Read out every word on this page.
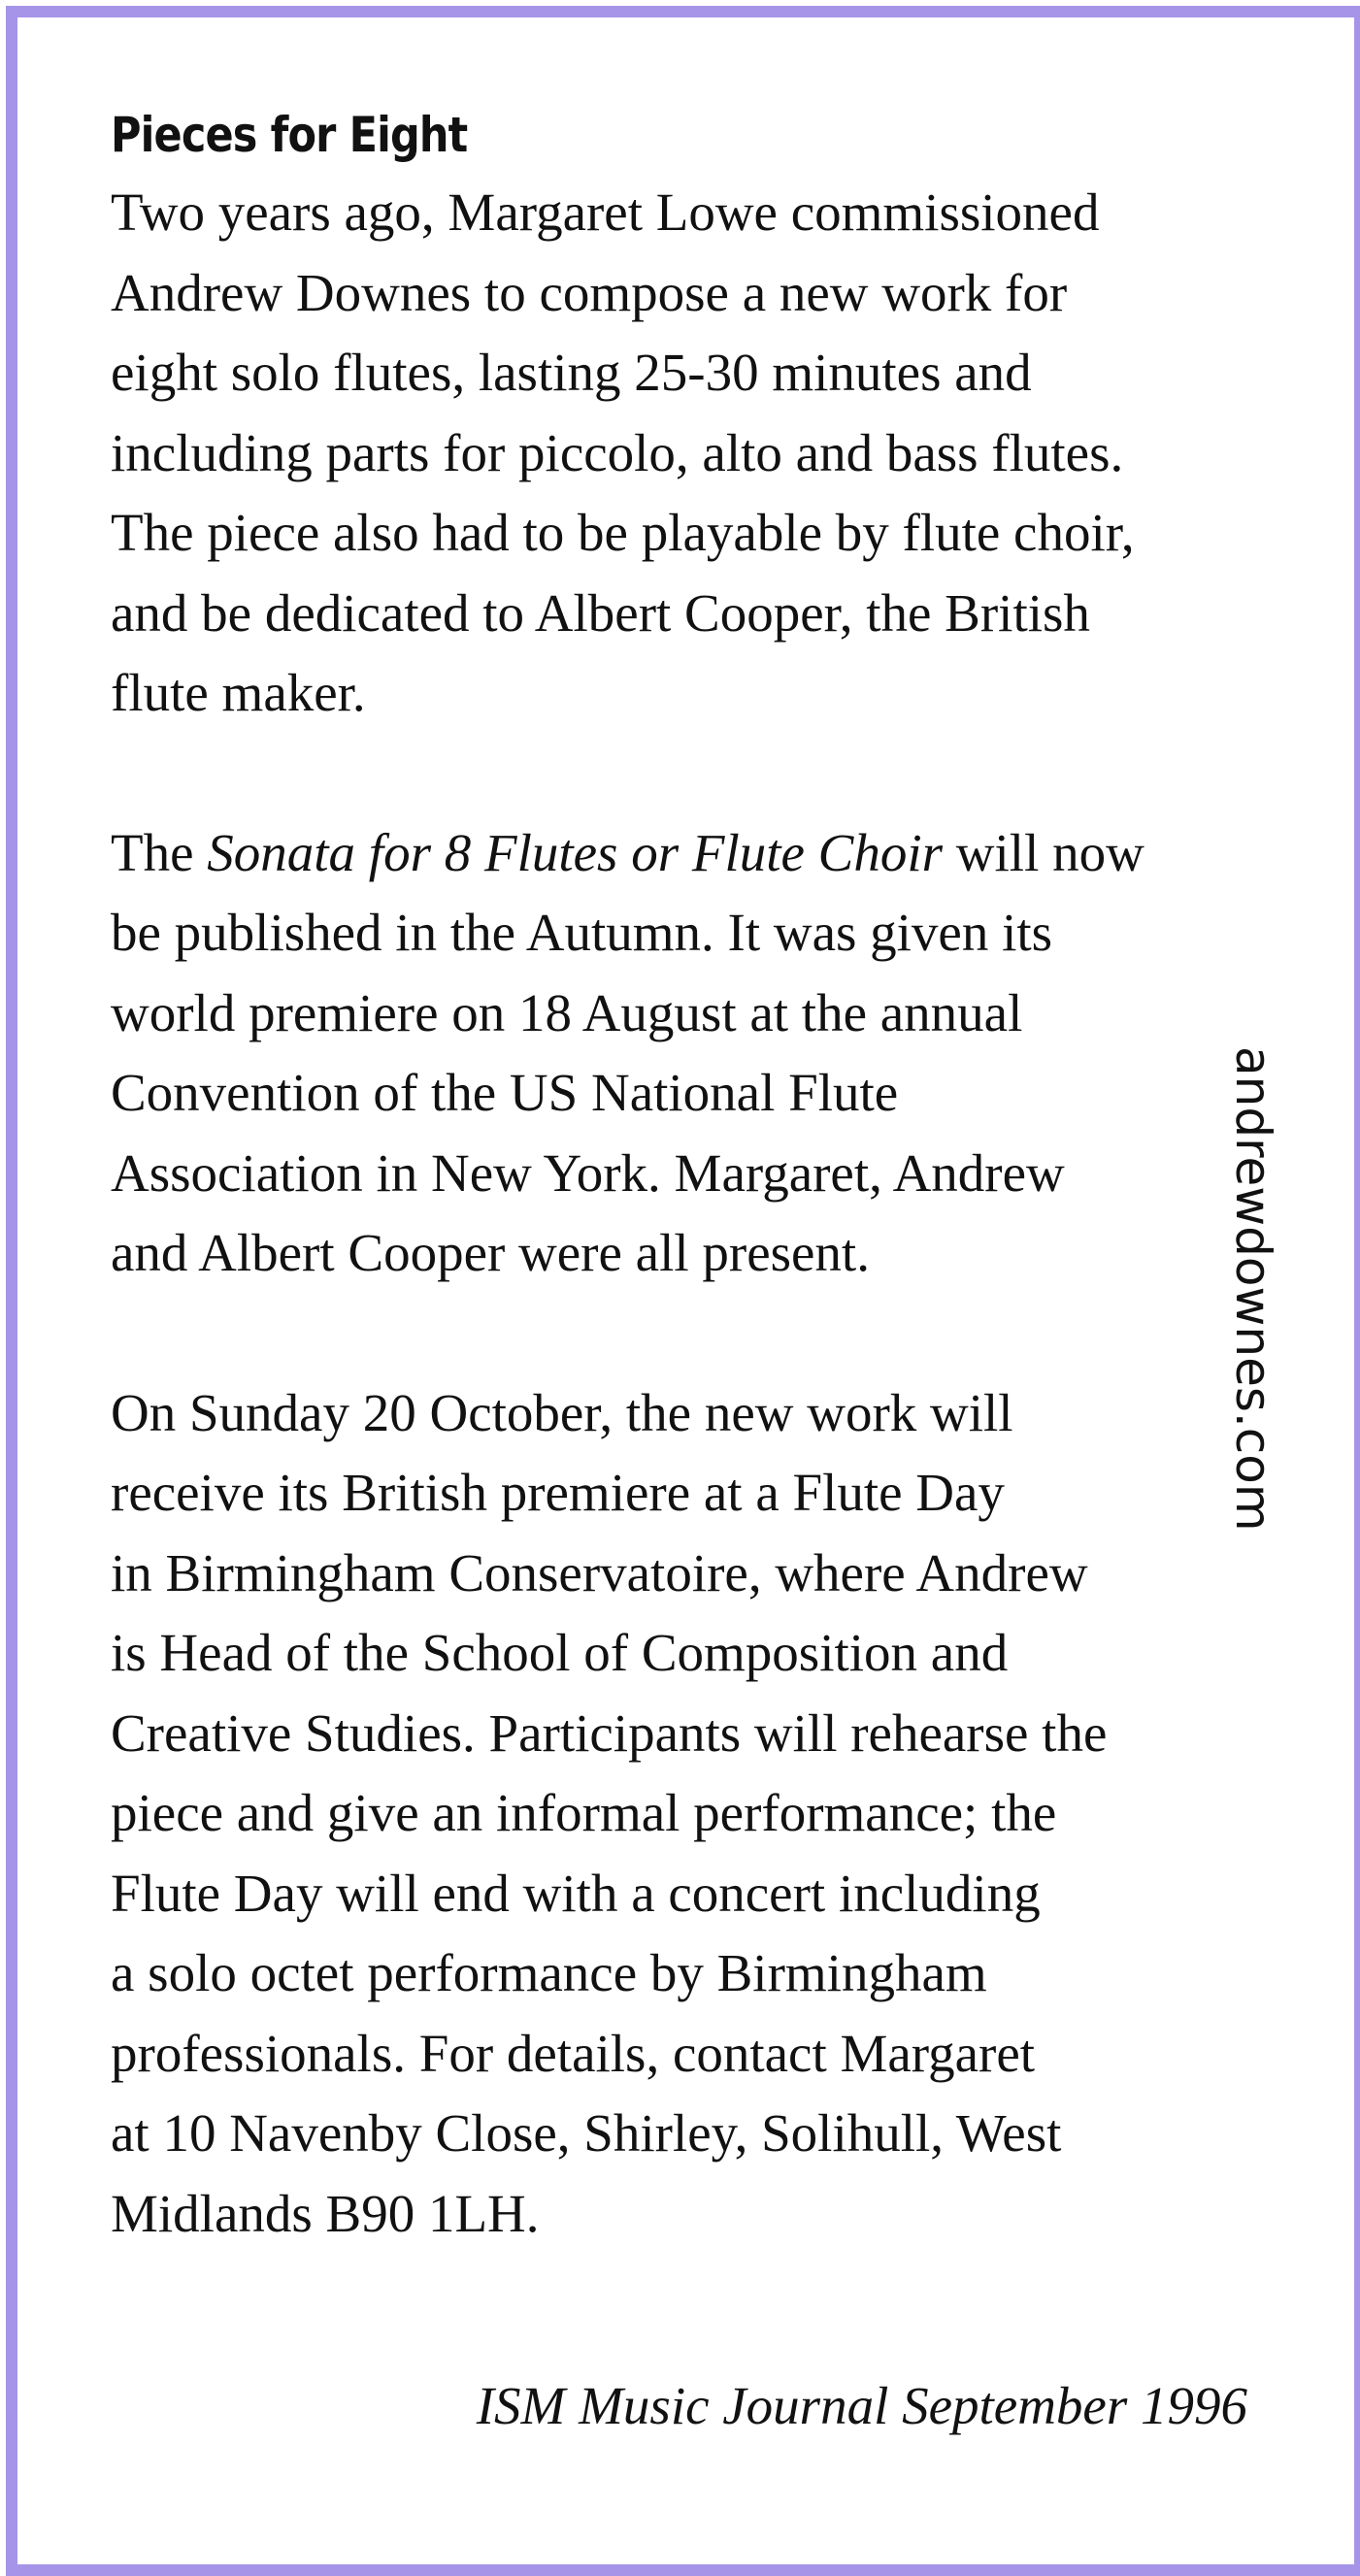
Pieces for Eight

Two years ago, Margaret Lowe commissioned
Andrew Downes to compose a new work for
eight solo flutes, lasting 25-30 minutes and
including parts for piccolo, alto and bass flutes.
The piece also had to be playable by flute choir,
and be dedicated to Albert Cooper, the British
flute maker.

The Sonata for 8 Flutes or Flute Choir will now
be published in the Autumn. It was given its
world premiere on 18 August at the annual
Convention of the US National Flute
Association in New York. Margaret, Andrew
and Albert Cooper were all present.

On Sunday 20 October, the new work will
receive its British premiere at a Flute Day
in Birmingham Conservatoire, where Andrew
is Head of the School of Composition and
Creative Studies. Participants will rehearse the
piece and give an informal performance; the
Flute Day will end with a concert including
a solo octet performance by Birmingham
professionals. For details, contact Margaret
at 10 Navenby Close, Shirley, Solihull, West
Midlands B90 1LH.

ISM Music Journal September 1996
andrewdownes.com
